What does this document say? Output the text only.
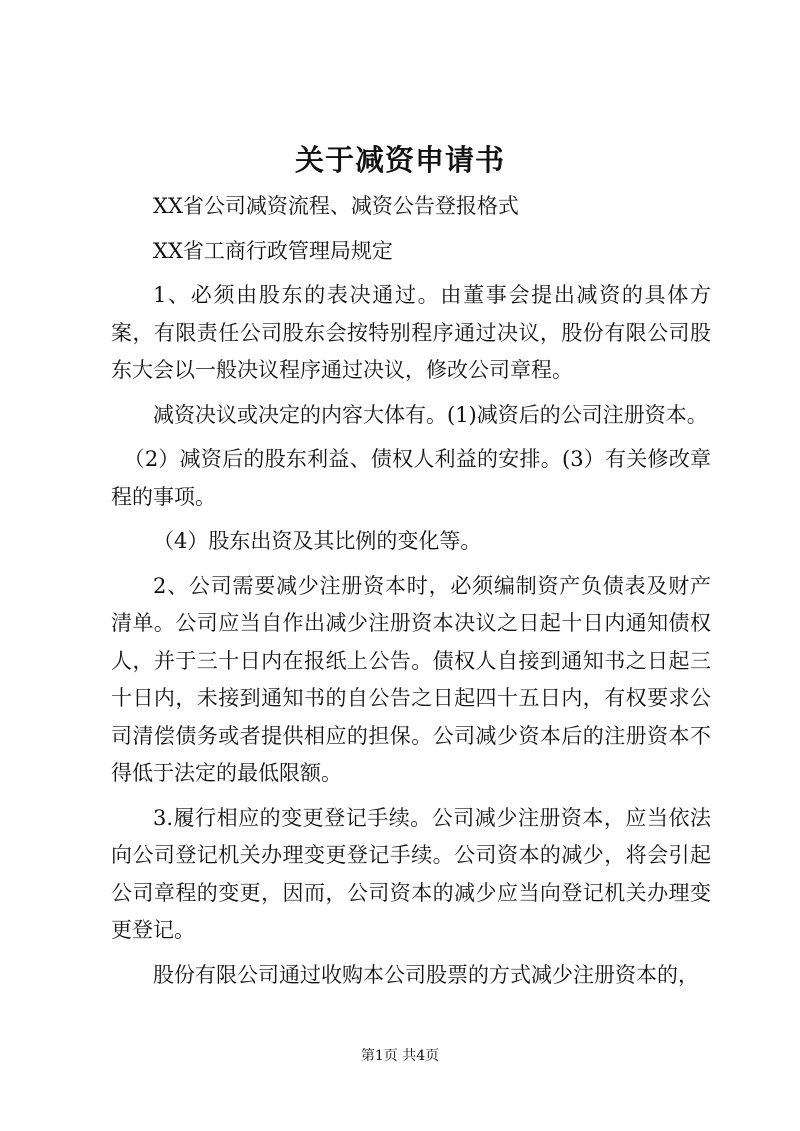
关于减资申请书

XX省公司减资流程、减资公告登报格式

XX省工商行政管理局规定

1、必须由股东的表决通过。由董事会提出减资的具体方案，有限责任公司股东会按特别程序通过决议，股份有限公司股东大会以一般决议程序通过决议，修改公司章程。

减资决议或决定的内容大体有。(1)减资后的公司注册资本。

（2）减资后的股东利益、债权人利益的安排。(3）有关修改章程的事项。

（4）股东出资及其比例的变化等。

2、公司需要减少注册资本时，必须编制资产负债表及财产清单。公司应当自作出减少注册资本决议之日起十日内通知债权人，并于三十日内在报纸上公告。债权人自接到通知书之日起三十日内，未接到通知书的自公告之日起四十五日内，有权要求公司清偿债务或者提供相应的担保。公司减少资本后的注册资本不得低于法定的最低限额。

3.履行相应的变更登记手续。公司减少注册资本，应当依法向公司登记机关办理变更登记手续。公司资本的减少，将会引起公司章程的变更，因而，公司资本的减少应当向登记机关办理变更登记。

股份有限公司通过收购本公司股票的方式减少注册资本的，

第1页 共4页
